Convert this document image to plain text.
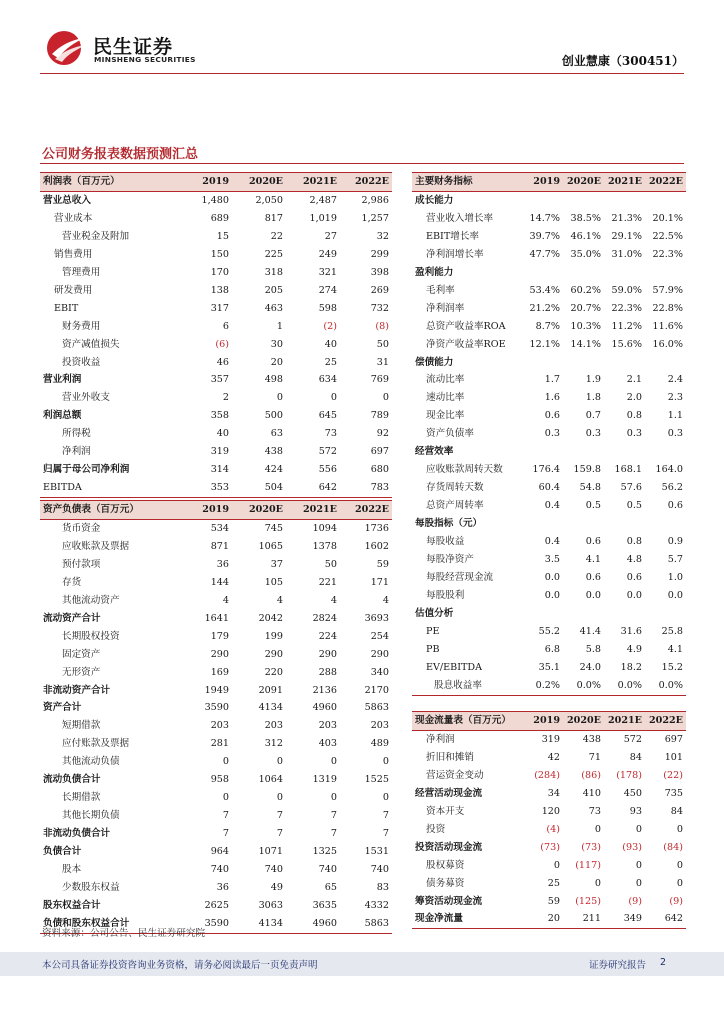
民生证券
MINSHENG SECURITIES	创业慧康（300451）
公司财务报表数据预测汇总
利润表（百万元）	2019	2020E	2021E	2022E
营业总收入	1,480	2,050	2,487	2,986
营业成本	689	817	1,019	1,257
营业税金及附加	15	22	27	32
销售费用	150	225	249	299
管理费用	170	318	321	398
研发费用	138	205	274	269
EBIT	317	463	598	732
财务费用	6	1	(2)	(8)
资产减值损失	(6)	30	40	50
投资收益	46	20	25	31
营业利润	357	498	634	769
营业外收支	2	0	0	0
利润总额	358	500	645	789
所得税	40	63	73	92
净利润	319	438	572	697
归属于母公司净利润	314	424	556	680
EBITDA	353	504	642	783
资产负债表（百万元）	2019	2020E	2021E	2022E
货币资金	534	745	1094	1736
应收账款及票据	871	1065	1378	1602
预付款项	36	37	50	59
存货	144	105	221	171
其他流动资产	4	4	4	4
流动资产合计	1641	2042	2824	3693
长期股权投资	179	199	224	254
固定资产	290	290	290	290
无形资产	169	220	288	340
非流动资产合计	1949	2091	2136	2170
资产合计	3590	4134	4960	5863
短期借款	203	203	203	203
应付账款及票据	281	312	403	489
其他流动负债	0	0	0	0
流动负债合计	958	1064	1319	1525
长期借款	0	0	0	0
其他长期负债	7	7	7	7
非流动负债合计	7	7	7	7
负债合计	964	1071	1325	1531
股本	740	740	740	740
少数股东权益	36	49	65	83
股东权益合计	2625	3063	3635	4332
负债和股东权益合计	3590	4134	4960	5863
主要财务指标	2019	2020E	2021E	2022E
成长能力				
营业收入增长率	14.7%	38.5%	21.3%	20.1%
EBIT增长率	39.7%	46.1%	29.1%	22.5%
净利润增长率	47.7%	35.0%	31.0%	22.3%
盈利能力				
毛利率	53.4%	60.2%	59.0%	57.9%
净利润率	21.2%	20.7%	22.3%	22.8%
总资产收益率ROA	8.7%	10.3%	11.2%	11.6%
净资产收益率ROE	12.1%	14.1%	15.6%	16.0%
偿债能力				
流动比率	1.7	1.9	2.1	2.4
速动比率	1.6	1.8	2.0	2.3
现金比率	0.6	0.7	0.8	1.1
资产负债率	0.3	0.3	0.3	0.3
经营效率				
应收账款周转天数	176.4	159.8	168.1	164.0
存货周转天数	60.4	54.8	57.6	56.2
总资产周转率	0.4	0.5	0.5	0.6
每股指标（元）				
每股收益	0.4	0.6	0.8	0.9
每股净资产	3.5	4.1	4.8	5.7
每股经营现金流	0.0	0.6	0.6	1.0
每股股利	0.0	0.0	0.0	0.0
估值分析				
PE	55.2	41.4	31.6	25.8
PB	6.8	5.8	4.9	4.1
EV/EBITDA	35.1	24.0	18.2	15.2
股息收益率	0.2%	0.0%	0.0%	0.0%
现金流量表（百万元）	2019	2020E	2021E	2022E
净利润	319	438	572	697
折旧和摊销	42	71	84	101
营运资金变动	(284)	(86)	(178)	(22)
经营活动现金流	34	410	450	735
资本开支	120	73	93	84
投资	(4)	0	0	0
投资活动现金流	(73)	(73)	(93)	(84)
股权募资	0	(117)	0	0
债务募资	25	0	0	0
筹资活动现金流	59	(125)	(9)	(9)
现金净流量	20	211	349	642
资料来源：公司公告、民生证券研究院
本公司具备证券投资咨询业务资格，请务必阅读最后一页免责声明	证券研究报告 2
